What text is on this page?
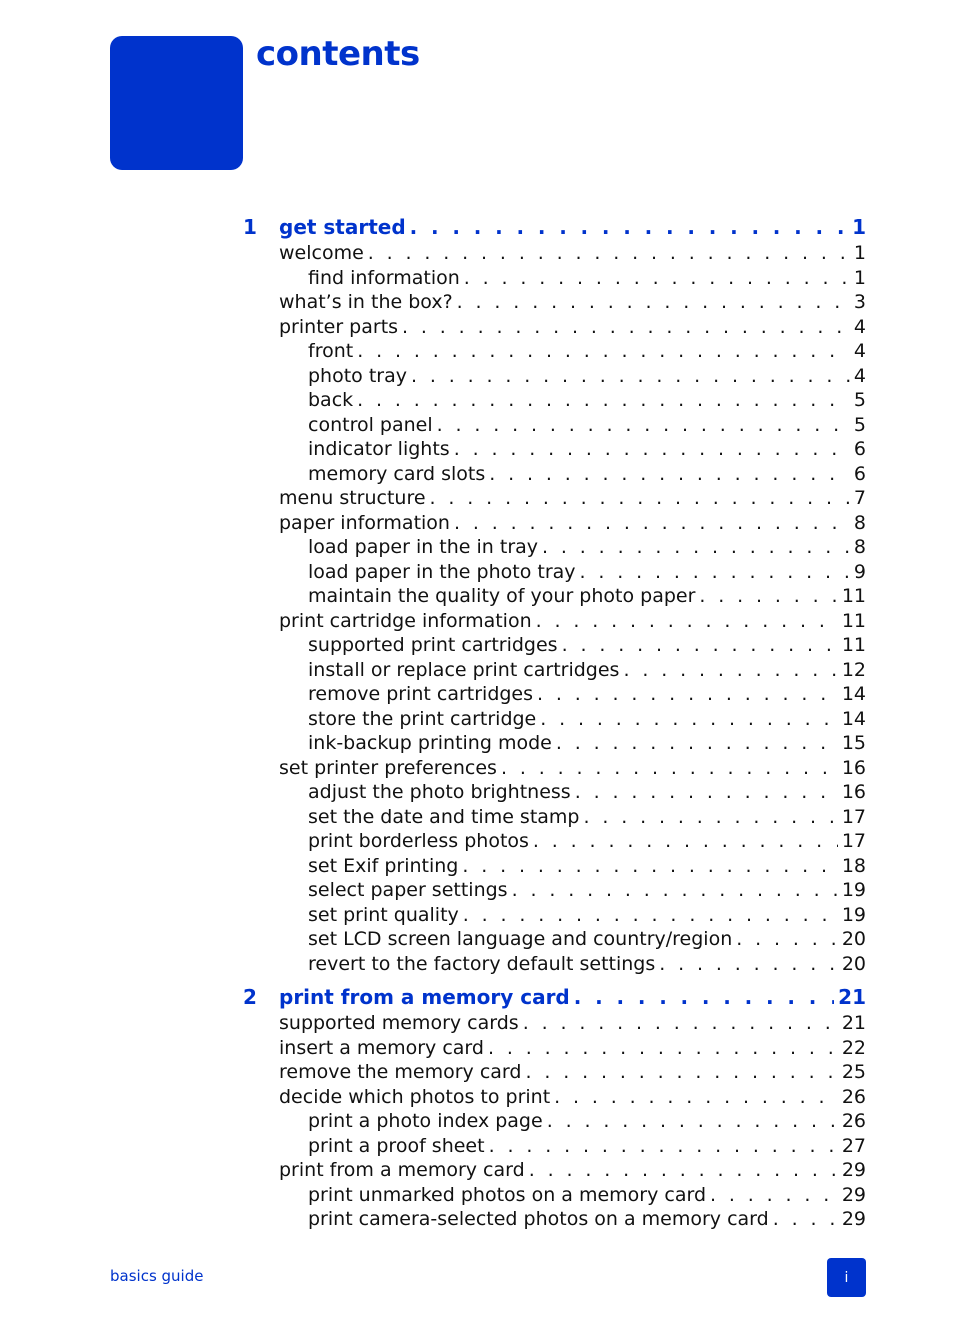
contents
1 get started . . .	1
welcome . . .	1
find information . . .	1
what’s in the box? . . .	3
printer parts . . .	4
front . . .	4
photo tray . . .	4
back . . .	5
control panel . . .	5
indicator lights . . .	6
memory card slots . . .	6
menu structure . . .	7
paper information . . .	8
load paper in the in tray . . .	8
load paper in the photo tray . . .	9
maintain the quality of your photo paper . . .	11
print cartridge information . . .	11
supported print cartridges . . .	11
install or replace print cartridges . . .	12
remove print cartridges . . .	14
store the print cartridge . . .	14
ink-backup printing mode . . .	15
set printer preferences . . .	16
adjust the photo brightness . . .	16
set the date and time stamp . . .	17
print borderless photos . . .	17
set Exif printing . . .	18
select paper settings . . .	19
set print quality . . .	19
set LCD screen language and country/region . . .	20
revert to the factory default settings . . .	20
2 print from a memory card . . .	21
supported memory cards . . .	21
insert a memory card . . .	22
remove the memory card . . .	25
decide which photos to print . . .	26
print a photo index page . . .	26
print a proof sheet . . .	27
print from a memory card . . .	29
print unmarked photos on a memory card . . .	29
print camera-selected photos on a memory card . . .	29
basics guide	i
